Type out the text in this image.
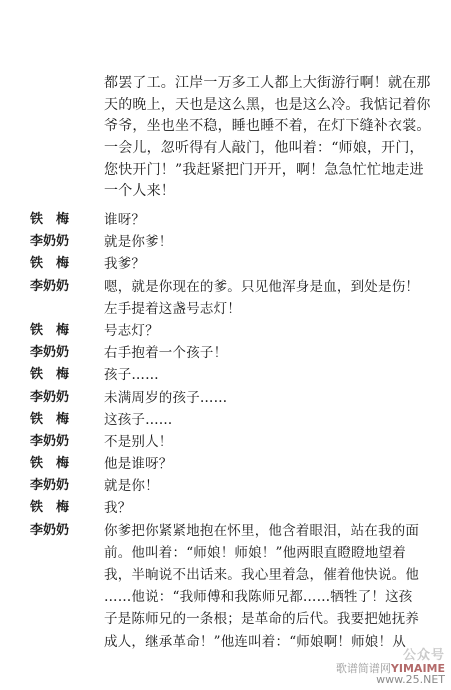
都罢了工。江岸一万多工人都上大街游行啊！就在那
天的晚上，天也是这么黑，也是这么冷。我惦记着你
爷爷，坐也坐不稳，睡也睡不着，在灯下缝补衣裳。
一会儿，忽听得有人敲门，他叫着：“师娘，开门，
您快开门！”我赶紧把门开开，啊！急急忙忙地走进
一个人来！
铁　梅	谁呀？
李奶奶	就是你爹！
铁　梅	我爹？
李奶奶	嗯，就是你现在的爹。只见他浑身是血，到处是伤！
左手提着这盏号志灯！
铁　梅	号志灯？
李奶奶	右手抱着一个孩子！
铁　梅	孩子……
李奶奶	未满周岁的孩子……
铁　梅	这孩子……
李奶奶	不是别人！
铁　梅	他是谁呀？
李奶奶	就是你！
铁　梅	我？
李奶奶	你爹把你紧紧地抱在怀里，他含着眼泪，站在我的面
前。他叫着：“师娘！师娘！”他两眼直瞪瞪地望着
我，半晌说不出话来。我心里着急，催着他快说。他
……他说：“我师傅和我陈师兄都……牺牲了！这孩
子是陈师兄的一条根；是革命的后代。我要把她抚养
成人，继承革命！”他连叫着：“师娘啊！师娘！从
公众号
歌谱简谱网YIMAIME
www.25.NET
